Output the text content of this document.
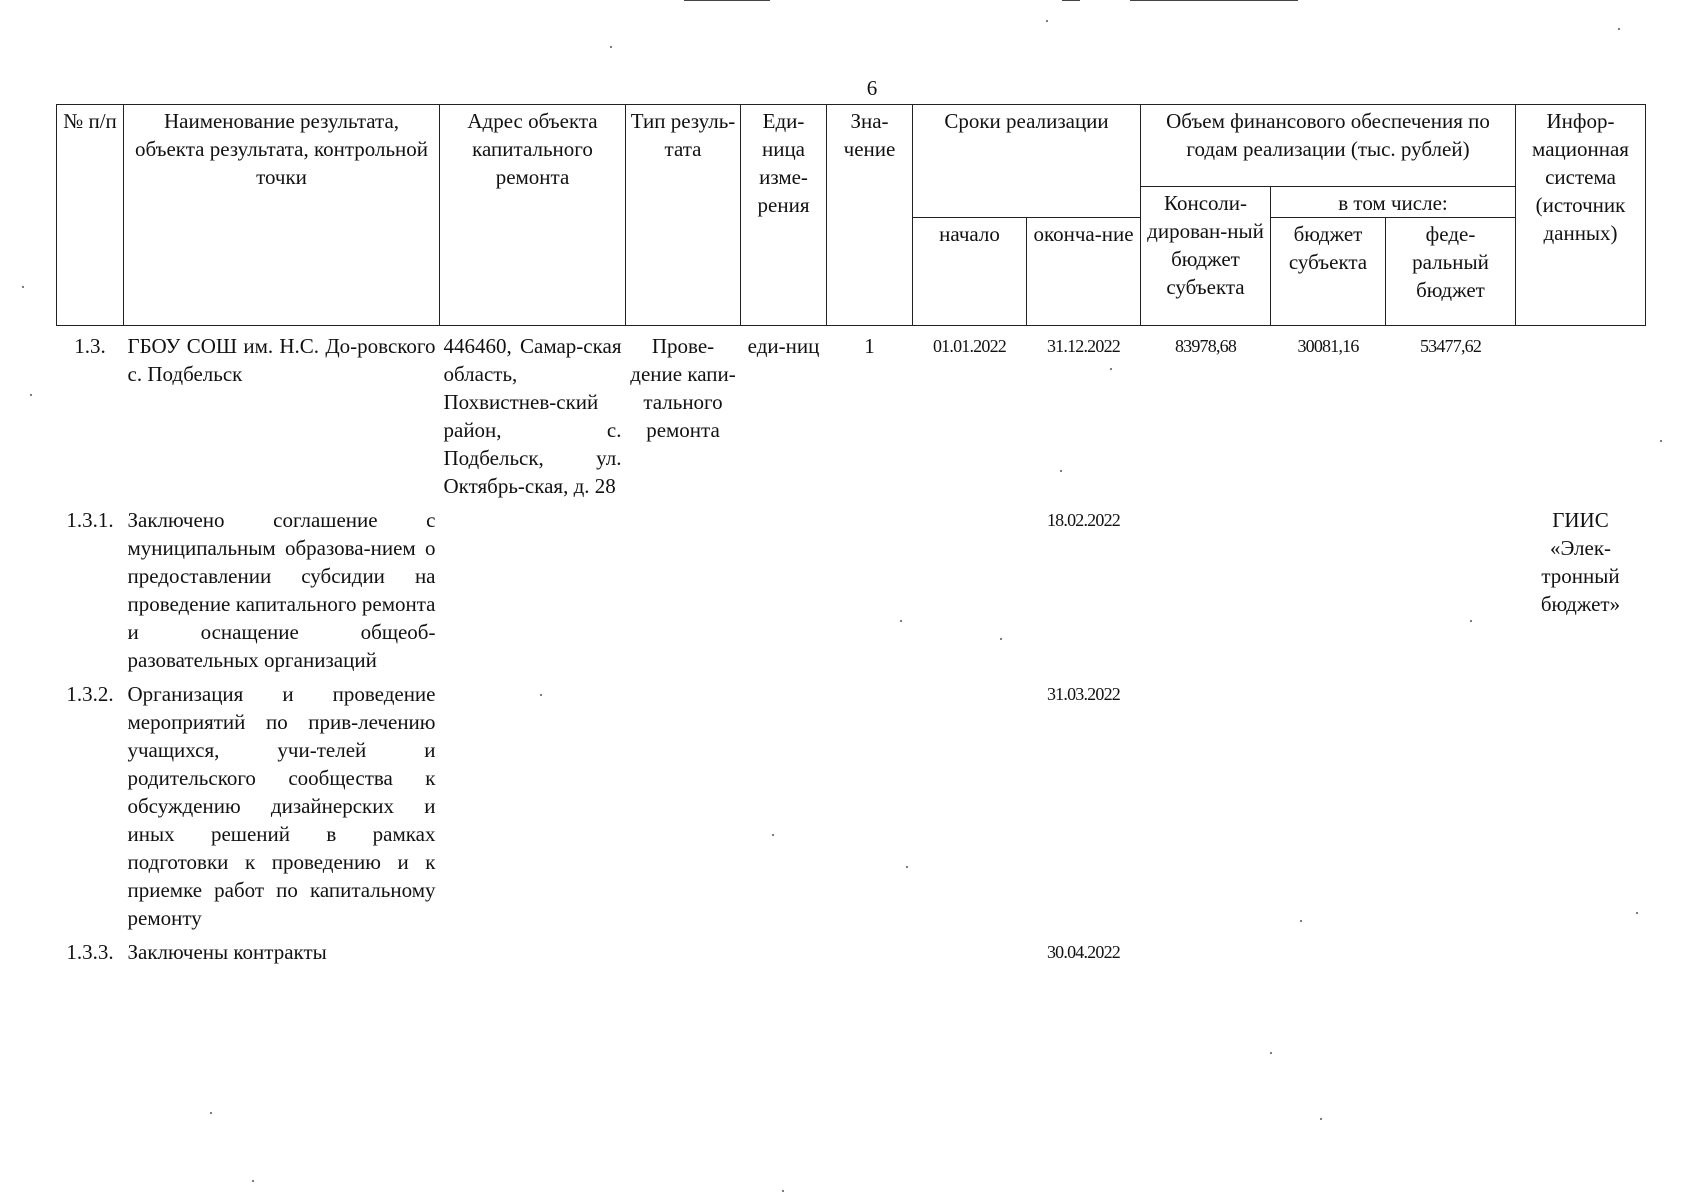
6
№ п/п	Наименование результата, объекта результата, контрольной точки	Адрес объекта капитального ремонта	Тип резуль-тата	Еди-ница изме-рения	Зна-чение	Сроки реализации		Объем финансового обеспечения по годам реализации (тыс. рублей)			Инфор-мационная система (источник данных)
								Консоли-дирован-ный бюджет субъекта	в том числе:		
						начало	оконча-ние		бюджет субъекта	феде-ральный бюджет	
1.3.	ГБОУ СОШ им. Н.С. До-ровского с. Подбельск	446460, Самар-ская область, Похвистнев-ский район, с. Подбельск, ул. Октябрь-ская, д. 28	Прове-дение капи-тального ремонта	еди-ниц	1	01.01.2022	31.12.2022	83978,68	30081,16	53477,62	
1.3.1.	Заключено соглашение с муниципальным образова-нием о предоставлении субсидии на проведение капитального ремонта и оснащение общеоб-разовательных организаций						18.02.2022				ГИИС «Элек-тронный бюджет»
1.3.2.	Организация и проведение мероприятий по прив-лечению учащихся, учи-телей и родительского сообщества к обсуждению дизайнерских и иных решений в рамках подготовки к проведению и к приемке работ по капитальному ремонту						31.03.2022				
1.3.3.	Заключены контракты						30.04.2022				
